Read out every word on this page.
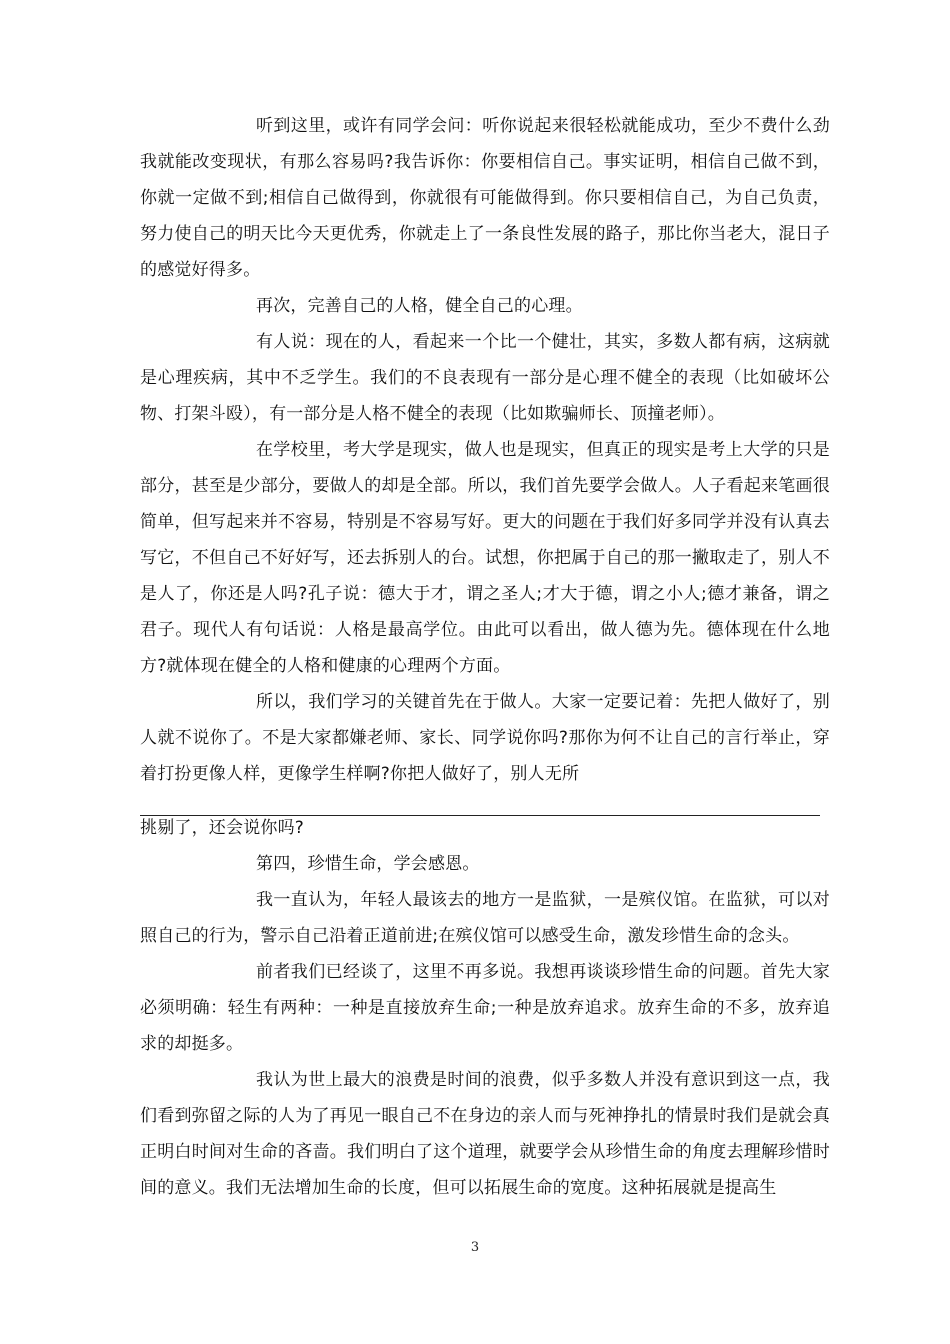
听到这里，或许有同学会问：听你说起来很轻松就能成功，至少不费什么劲我就能改变现状，有那么容易吗?我告诉你：你要相信自己。事实证明，相信自己做不到，你就一定做不到;相信自己做得到，你就很有可能做得到。你只要相信自己，为自己负责，努力使自己的明天比今天更优秀，你就走上了一条良性发展的路子，那比你当老大，混日子的感觉好得多。

再次，完善自己的人格，健全自己的心理。

有人说：现在的人，看起来一个比一个健壮，其实，多数人都有病，这病就是心理疾病，其中不乏学生。我们的不良表现有一部分是心理不健全的表现（比如破坏公物、打架斗殴），有一部分是人格不健全的表现（比如欺骗师长、顶撞老师）。

在学校里，考大学是现实，做人也是现实，但真正的现实是考上大学的只是部分，甚至是少部分，要做人的却是全部。所以，我们首先要学会做人。人子看起来笔画很简单，但写起来并不容易，特别是不容易写好。更大的问题在于我们好多同学并没有认真去写它，不但自己不好好写，还去拆别人的台。试想，你把属于自己的那一撇取走了，别人不是人了，你还是人吗?孔子说：德大于才，谓之圣人;才大于德，谓之小人;德才兼备，谓之君子。现代人有句话说：人格是最高学位。由此可以看出，做人德为先。德体现在什么地方?就体现在健全的人格和健康的心理两个方面。

所以，我们学习的关键首先在于做人。大家一定要记着：先把人做好了，别人就不说你了。不是大家都嫌老师、家长、同学说你吗?那你为何不让自己的言行举止，穿着打扮更像人样，更像学生样啊?你把人做好了，别人无所

挑剔了，还会说你吗?

第四，珍惜生命，学会感恩。

我一直认为，年轻人最该去的地方一是监狱，一是殡仪馆。在监狱，可以对照自己的行为，警示自己沿着正道前进;在殡仪馆可以感受生命，激发珍惜生命的念头。

前者我们已经谈了，这里不再多说。我想再谈谈珍惜生命的问题。首先大家必须明确：轻生有两种：一种是直接放弃生命;一种是放弃追求。放弃生命的不多，放弃追求的却挺多。

我认为世上最大的浪费是时间的浪费，似乎多数人并没有意识到这一点，我们看到弥留之际的人为了再见一眼自己不在身边的亲人而与死神挣扎的情景时我们是就会真正明白时间对生命的吝啬。我们明白了这个道理，就要学会从珍惜生命的角度去理解珍惜时间的意义。我们无法增加生命的长度，但可以拓展生命的宽度。这种拓展就是提高生

3
